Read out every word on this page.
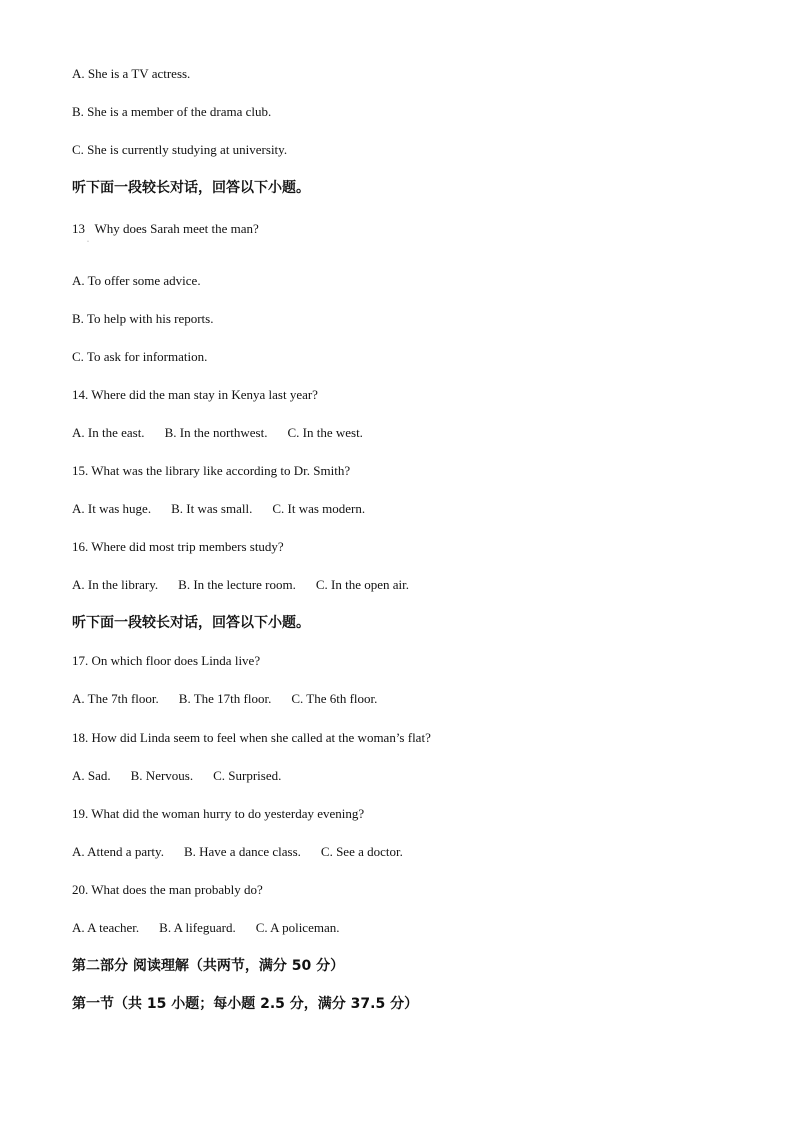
A. She is a TV actress.
B. She is a member of the drama club.
C. She is currently studying at university.
听下面一段较长对话，回答以下小题。
13   Why does Sarah meet the man?
A. To offer some advice.
B. To help with his reports.
C. To ask for information.
14. Where did the man stay in Kenya last year?
A. In the east. B. In the northwest. C. In the west.
15. What was the library like according to Dr. Smith?
A. It was huge. B. It was small. C. It was modern.
16. Where did most trip members study?
A. In the library. B. In the lecture room. C. In the open air.
听下面一段较长对话，回答以下小题。
17. On which floor does Linda live?
A. The 7th floor. B. The 17th floor. C. The 6th floor.
18. How did Linda seem to feel when she called at the woman’s flat?
A. Sad. B. Nervous. C. Surprised.
19. What did the woman hurry to do yesterday evening?
A. Attend a party. B. Have a dance class. C. See a doctor.
20. What does the man probably do?
A. A teacher. B. A lifeguard. C. A policeman.
第二部分 阅读理解（共两节，满分 50 分）
第一节（共 15 小题；每小题 2.5 分，满分 37.5 分）
·
